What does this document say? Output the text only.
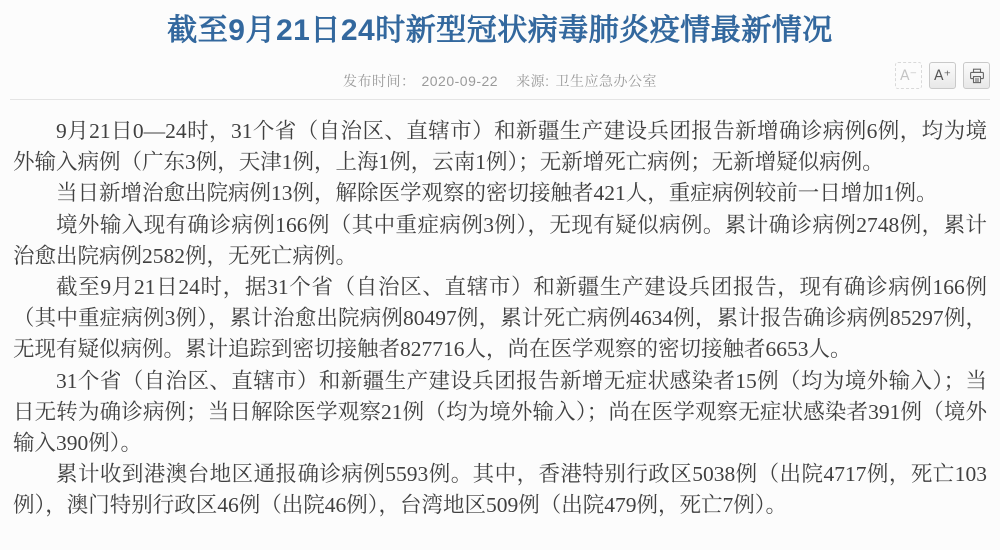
截至9月21日24时新型冠状病毒肺炎疫情最新情况
发布时间： 2020-09-22 来源: 卫生应急办公室	A⁻	A⁺

9月21日0—24时，31个省（自治区、直辖市）和新疆生产建设兵团报告新增确诊病例6例，均为境外输入病例（广东3例，天津1例，上海1例，云南1例）；无新增死亡病例；无新增疑似病例。

当日新增治愈出院病例13例，解除医学观察的密切接触者421人，重症病例较前一日增加1例。

境外输入现有确诊病例166例（其中重症病例3例），无现有疑似病例。累计确诊病例2748例，累计治愈出院病例2582例，无死亡病例。

截至9月21日24时，据31个省（自治区、直辖市）和新疆生产建设兵团报告，现有确诊病例166例（其中重症病例3例），累计治愈出院病例80497例，累计死亡病例4634例，累计报告确诊病例85297例，无现有疑似病例。累计追踪到密切接触者827716人，尚在医学观察的密切接触者6653人。

31个省（自治区、直辖市）和新疆生产建设兵团报告新增无症状感染者15例（均为境外输入）；当日无转为确诊病例；当日解除医学观察21例（均为境外输入）；尚在医学观察无症状感染者391例（境外输入390例）。

累计收到港澳台地区通报确诊病例5593例。其中，香港特别行政区5038例（出院4717例，死亡103例），澳门特别行政区46例（出院46例），台湾地区509例（出院479例，死亡7例）。
